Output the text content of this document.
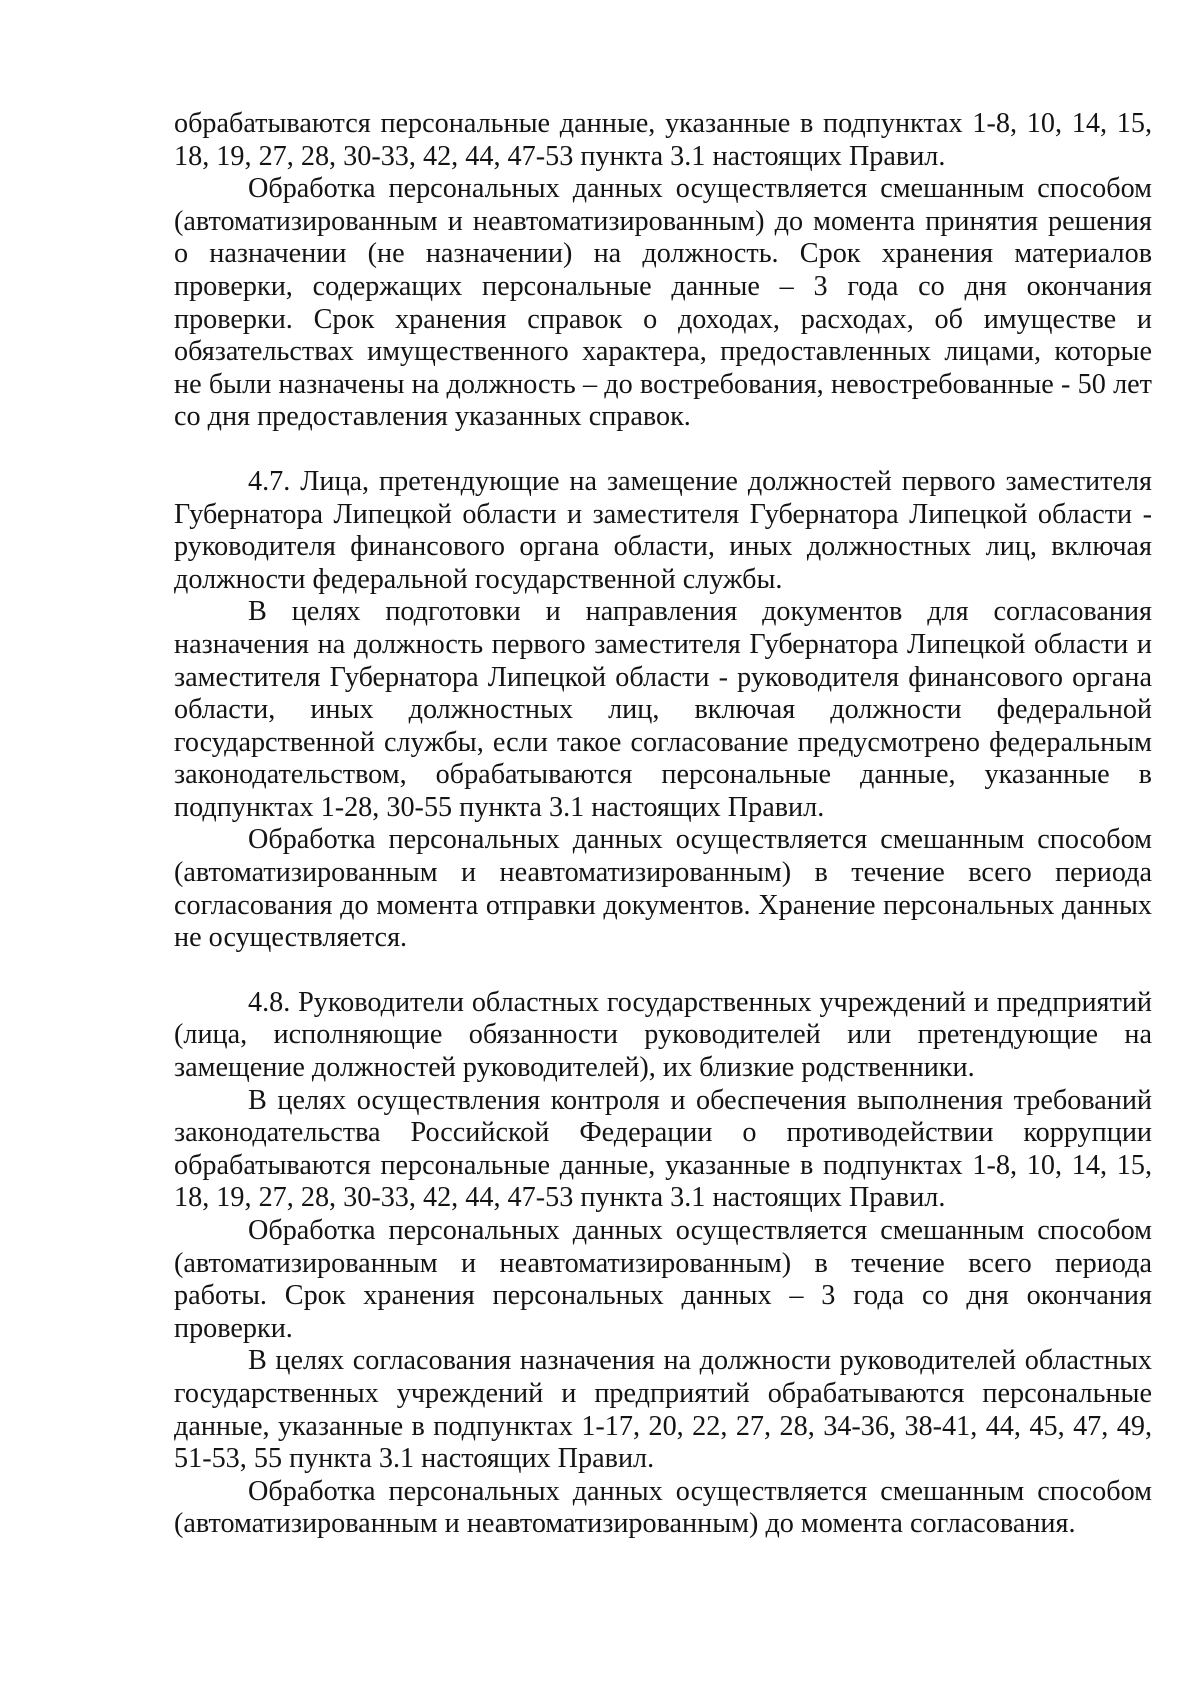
обрабатываются персональные данные, указанные в подпунктах 1-8, 10, 14, 15, 18, 19, 27, 28, 30-33, 42, 44, 47-53 пункта 3.1 настоящих Правил.

Обработка персональных данных осуществляется смешанным способом (автоматизированным и неавтоматизированным) до момента принятия решения о назначении (не назначении) на должность. Срок хранения материалов проверки, содержащих персональные данные – 3 года со дня окончания проверки. Срок хранения справок о доходах, расходах, об имуществе и обязательствах имущественного характера, предоставленных лицами, которые не были назначены на должность – до востребования, невостребованные - 50 лет со дня предоставления указанных справок.

4.7. Лица, претендующие на замещение должностей первого заместителя Губернатора Липецкой области и заместителя Губернатора Липецкой области - руководителя финансового органа области, иных должностных лиц, включая должности федеральной государственной службы.

В целях подготовки и направления документов для согласования назначения на должность первого заместителя Губернатора Липецкой области и заместителя Губернатора Липецкой области - руководителя финансового органа области, иных должностных лиц, включая должности федеральной государственной службы, если такое согласование предусмотрено федеральным законодательством, обрабатываются персональные данные, указанные в подпунктах 1-28, 30-55 пункта 3.1 настоящих Правил.

Обработка персональных данных осуществляется смешанным способом (автоматизированным и неавтоматизированным) в течение всего периода согласования до момента отправки документов. Хранение персональных данных не осуществляется.

4.8. Руководители областных государственных учреждений и предприятий (лица, исполняющие обязанности руководителей или претендующие на замещение должностей руководителей), их близкие родственники.

В целях осуществления контроля и обеспечения выполнения требований законодательства Российской Федерации о противодействии коррупции обрабатываются персональные данные, указанные в подпунктах 1-8, 10, 14, 15, 18, 19, 27, 28, 30-33, 42, 44, 47-53 пункта 3.1 настоящих Правил.

Обработка персональных данных осуществляется смешанным способом (автоматизированным и неавтоматизированным) в течение всего периода работы. Срок хранения персональных данных – 3 года со дня окончания проверки.

В целях согласования назначения на должности руководителей областных государственных учреждений и предприятий обрабатываются персональные данные, указанные в подпунктах 1-17, 20, 22, 27, 28, 34-36, 38-41, 44, 45, 47, 49, 51-53, 55 пункта 3.1 настоящих Правил.

Обработка персональных данных осуществляется смешанным способом (автоматизированным и неавтоматизированным) до момента согласования.
